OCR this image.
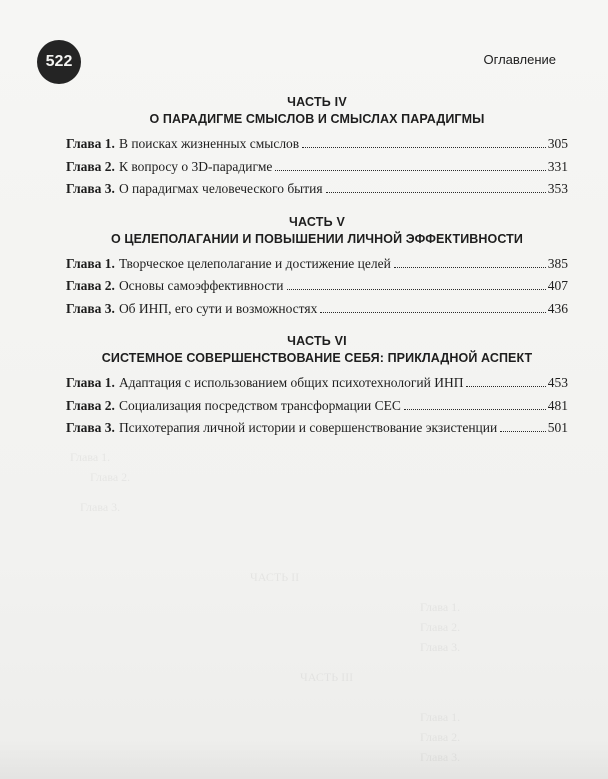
Глава 1.
Глава 2.
Глава 3.
ЧАСТЬ II
Глава 1.
Глава 2.
Глава 3.
ЧАСТЬ III
Глава 1.
Глава 2.
522	Оглавление
ЧАСТЬ IV
О ПАРАДИГМЕ СМЫСЛОВ И СМЫСЛАХ ПАРАДИГМЫ
Глава 1. В поисках жизненных смыслов	305
Глава 2. К вопросу о 3D-парадигме	331
Глава 3. О парадигмах человеческого бытия	353
ЧАСТЬ V
О ЦЕЛЕПОЛАГАНИИ И ПОВЫШЕНИИ ЛИЧНОЙ ЭФФЕКТИВНОСТИ
Глава 1. Творческое целеполагание и достижение целей	385
Глава 2. Основы самоэффективности	407
Глава 3. Об ИНП, его сути и возможностях	436
ЧАСТЬ VI
СИСТЕМНОЕ СОВЕРШЕНСТВОВАНИЕ СЕБЯ: ПРИКЛАДНОЙ АСПЕКТ
Глава 1. Адаптация с использованием общих психотехнологий ИНП	453
Глава 2. Социализация посредством трансформации СЕС	481
Глава 3. Психотерапия личной истории и совершенствование экзистенции	501
